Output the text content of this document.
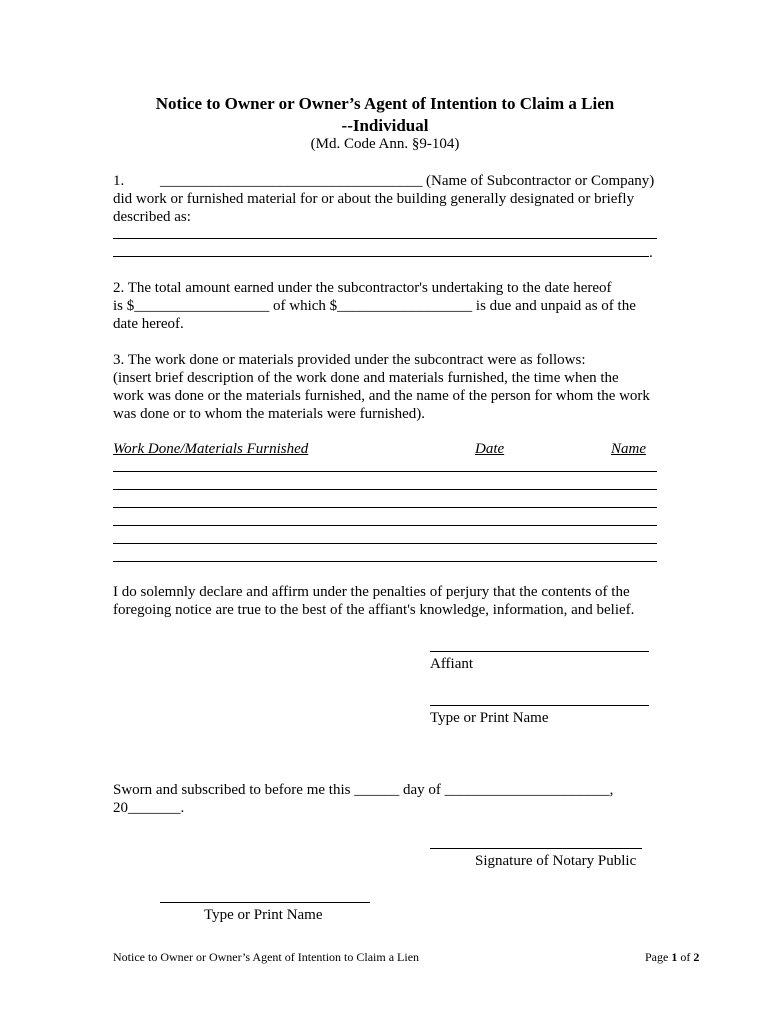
Notice to Owner or Owner’s Agent of Intention to Claim a Lien
--Individual
(Md. Code Ann. §9-104)
1. ___________________________________ (Name of Subcontractor or Company)
did work or furnished material for or about the building generally designated or briefly
described as:
.
2. The total amount earned under the subcontractor's undertaking to the date hereof
is $__________________ of which $__________________ is due and unpaid as of the
date hereof.
3. The work done or materials provided under the subcontract were as follows:
(insert brief description of the work done and materials furnished, the time when the
work was done or the materials furnished, and the name of the person for whom the work
was done or to whom the materials were furnished).
Work Done/Materials Furnished	Date	Name
I do solemnly declare and affirm under the penalties of perjury that the contents of the
foregoing notice are true to the best of the affiant's knowledge, information, and belief.
Affiant
Type or Print Name
Sworn and subscribed to before me this ______ day of ______________________,
20_______.
Signature of Notary Public
Type or Print Name
Notice to Owner or Owner’s Agent of Intention to Claim a Lien	Page 1 of 2
